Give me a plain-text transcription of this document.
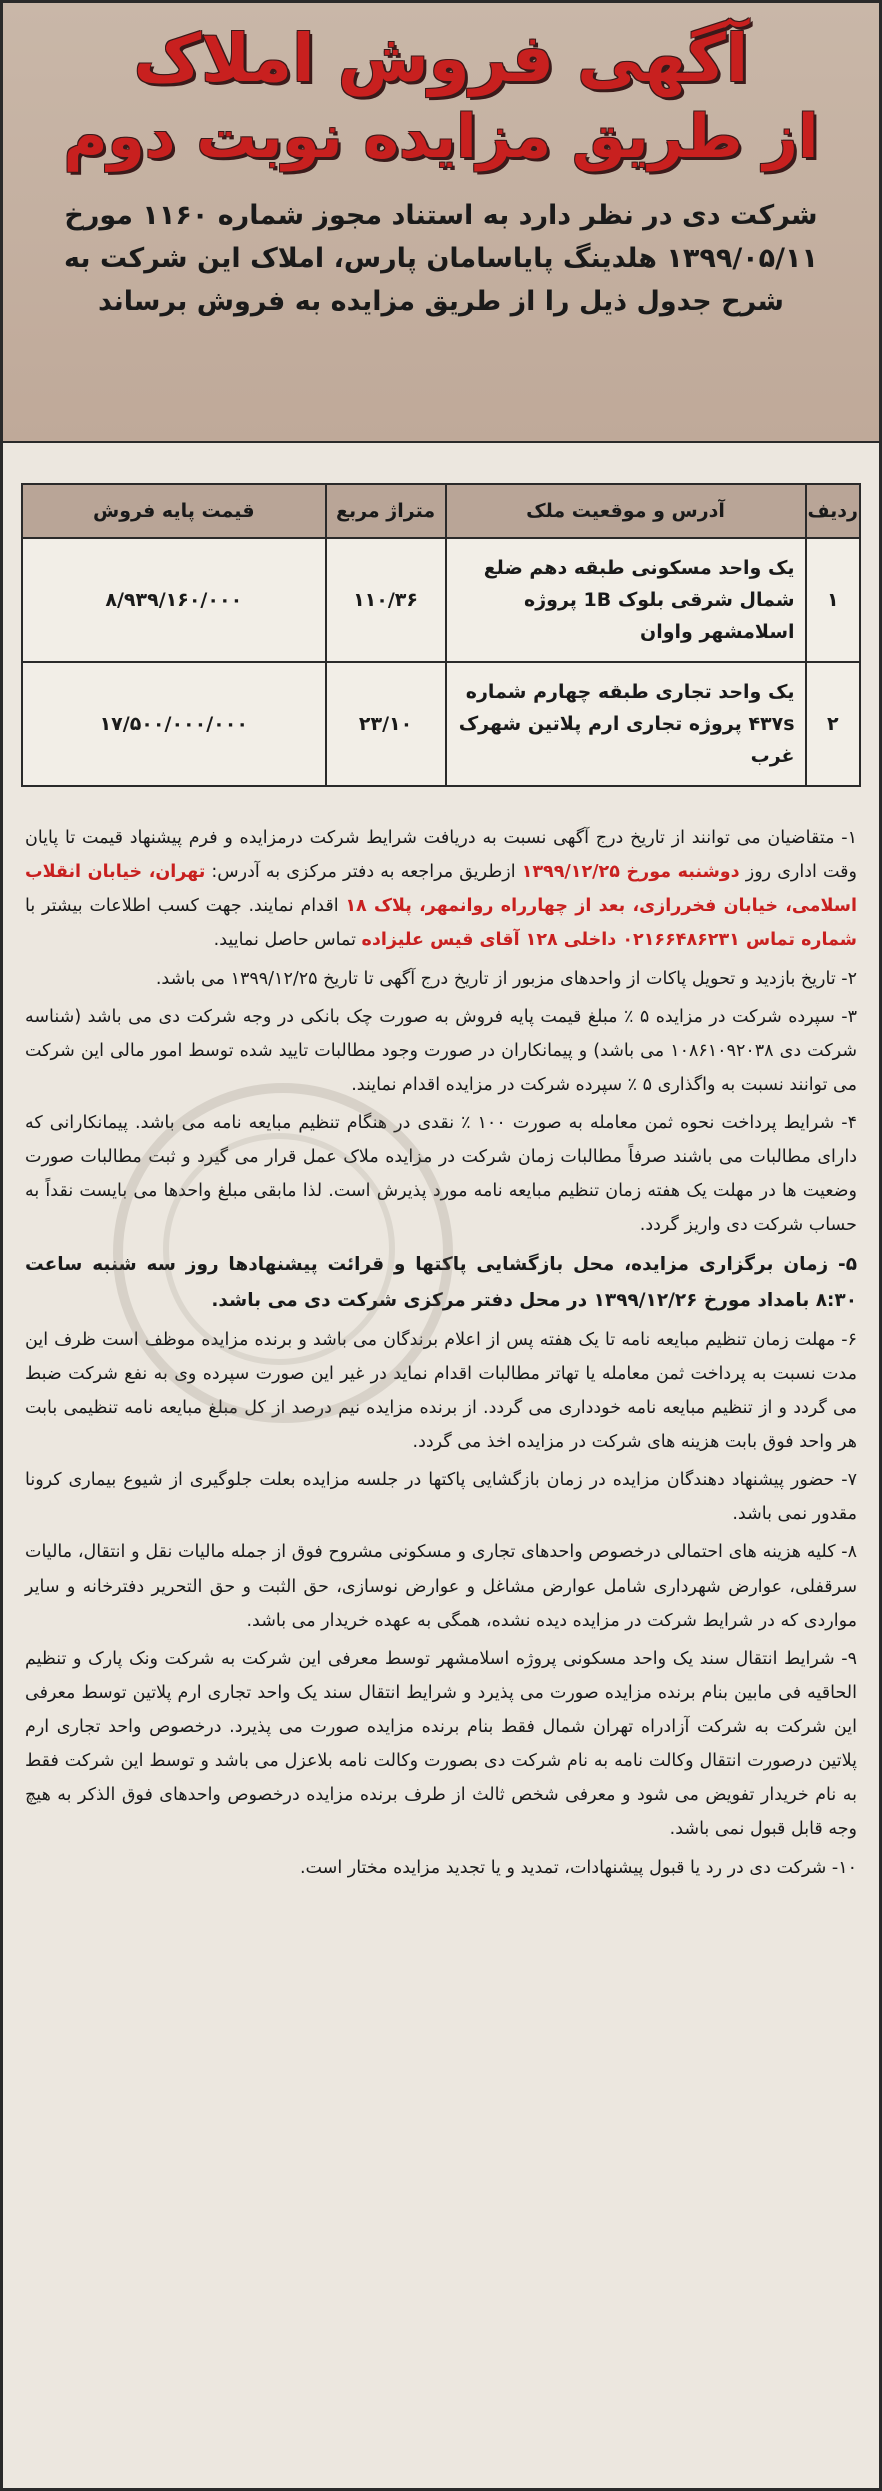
آگهی فروش املاک
از طریق مزایده نوبت دوم
شرکت دی در نظر دارد به استناد مجوز شماره ۱۱۶۰ مورخ ۱۳۹۹/۰۵/۱۱ هلدینگ پایاسامان پارس، املاک این شرکت به شرح جدول ذیل را از طریق مزایده به فروش برساند
ردیف	آدرس و موقعیت ملک	متراژ مربع	قیمت پایه فروش
۱	یک واحد مسکونی طبقه دهم ضلع شمال شرقی بلوک 1B پروژه اسلامشهر واوان	۱۱۰/۳۶	۸/۹۳۹/۱۶۰/۰۰۰
۲	یک واحد تجاری طبقه چهارم شماره ۴۳۷s پروژه تجاری ارم پلاتین شهرک غرب	۲۳/۱۰	۱۷/۵۰۰/۰۰۰/۰۰۰

۱- متقاضیان می توانند از تاریخ درج آگهی نسبت به دریافت شرایط شرکت درمزایده و فرم پیشنهاد قیمت تا پایان وقت اداری روز دوشنبه مورخ ۱۳۹۹/۱۲/۲۵ ازطریق مراجعه به دفتر مرکزی به آدرس: تهران، خیابان انقلاب اسلامی، خیابان فخررازی، بعد از چهارراه روانمهر، پلاک ۱۸ اقدام نمایند. جهت کسب اطلاعات بیشتر با شماره تماس ۰۲۱۶۶۴۸۶۲۳۱ داخلی ۱۲۸ آقای قیس علیزاده تماس حاصل نمایید.

۲- تاریخ بازدید و تحویل پاکات از واحدهای مزبور از تاریخ درج آگهی تا تاریخ ۱۳۹۹/۱۲/۲۵ می باشد.

۳- سپرده شرکت در مزایده ۵ ٪ مبلغ قیمت پایه فروش به صورت چک بانکی در وجه شرکت دی می باشد (شناسه شرکت دی ۱۰۸۶۱۰۹۲۰۳۸ می باشد) و پیمانکاران در صورت وجود مطالبات تایید شده توسط امور مالی این شرکت می توانند نسبت به واگذاری ۵ ٪ سپرده شرکت در مزایده اقدام نمایند.

۴- شرایط پرداخت نحوه ثمن معامله به صورت ۱۰۰ ٪ نقدی در هنگام تنظیم مبایعه نامه می باشد. پیمانکارانی که دارای مطالبات می باشند صرفاً مطالبات زمان شرکت در مزایده ملاک عمل قرار می گیرد و ثبت مطالبات صورت وضعیت ها در مهلت یک هفته زمان تنظیم مبایعه نامه مورد پذیرش است. لذا مابقی مبلغ واحدها می بایست نقداً به حساب شرکت دی واریز گردد.

۵- زمان برگزاری مزایده، محل بازگشایی پاکتها و قرائت پیشنهادها روز سه شنبه ساعت ۸:۳۰ بامداد مورخ ۱۳۹۹/۱۲/۲۶ در محل دفتر مرکزی شرکت دی می باشد.

۶- مهلت زمان تنظیم مبایعه نامه تا یک هفته پس از اعلام برندگان می باشد و برنده مزایده موظف است ظرف این مدت نسبت به پرداخت ثمن معامله یا تهاتر مطالبات اقدام نماید در غیر این صورت سپرده وی به نفع شرکت ضبط می گردد و از تنظیم مبایعه نامه خودداری می گردد. از برنده مزایده نیم درصد از کل مبلغ مبایعه نامه تنظیمی بابت هر واحد فوق بابت هزینه های شرکت در مزایده اخذ می گردد.

۷- حضور پیشنهاد دهندگان مزایده در زمان بازگشایی پاکتها در جلسه مزایده بعلت جلوگیری از شیوع بیماری کرونا مقدور نمی باشد.

۸- کلیه هزینه های احتمالی درخصوص واحدهای تجاری و مسکونی مشروح فوق از جمله مالیات نقل و انتقال، مالیات سرقفلی، عوارض شهرداری شامل عوارض مشاغل و عوارض نوسازی، حق الثبت و حق التحریر دفترخانه و سایر مواردی که در شرایط شرکت در مزایده دیده نشده، همگی به عهده خریدار می باشد.

۹- شرایط انتقال سند یک واحد مسکونی پروژه اسلامشهر توسط معرفی این شرکت به شرکت ونک پارک و تنظیم الحاقیه فی مابین بنام برنده مزایده صورت می پذیرد و شرایط انتقال سند یک واحد تجاری ارم پلاتین توسط معرفی این شرکت به شرکت آزادراه تهران شمال فقط بنام برنده مزایده صورت می پذیرد. درخصوص واحد تجاری ارم پلاتین درصورت انتقال وکالت نامه به نام شرکت دی بصورت وکالت نامه بلاعزل می باشد و توسط این شرکت فقط به نام خریدار تفویض می شود و معرفی شخص ثالث از طرف برنده مزایده درخصوص واحدهای فوق الذکر به هیچ وجه قابل قبول نمی باشد.

۱۰- شرکت دی در رد یا قبول پیشنهادات، تمدید و یا تجدید مزایده مختار است.
